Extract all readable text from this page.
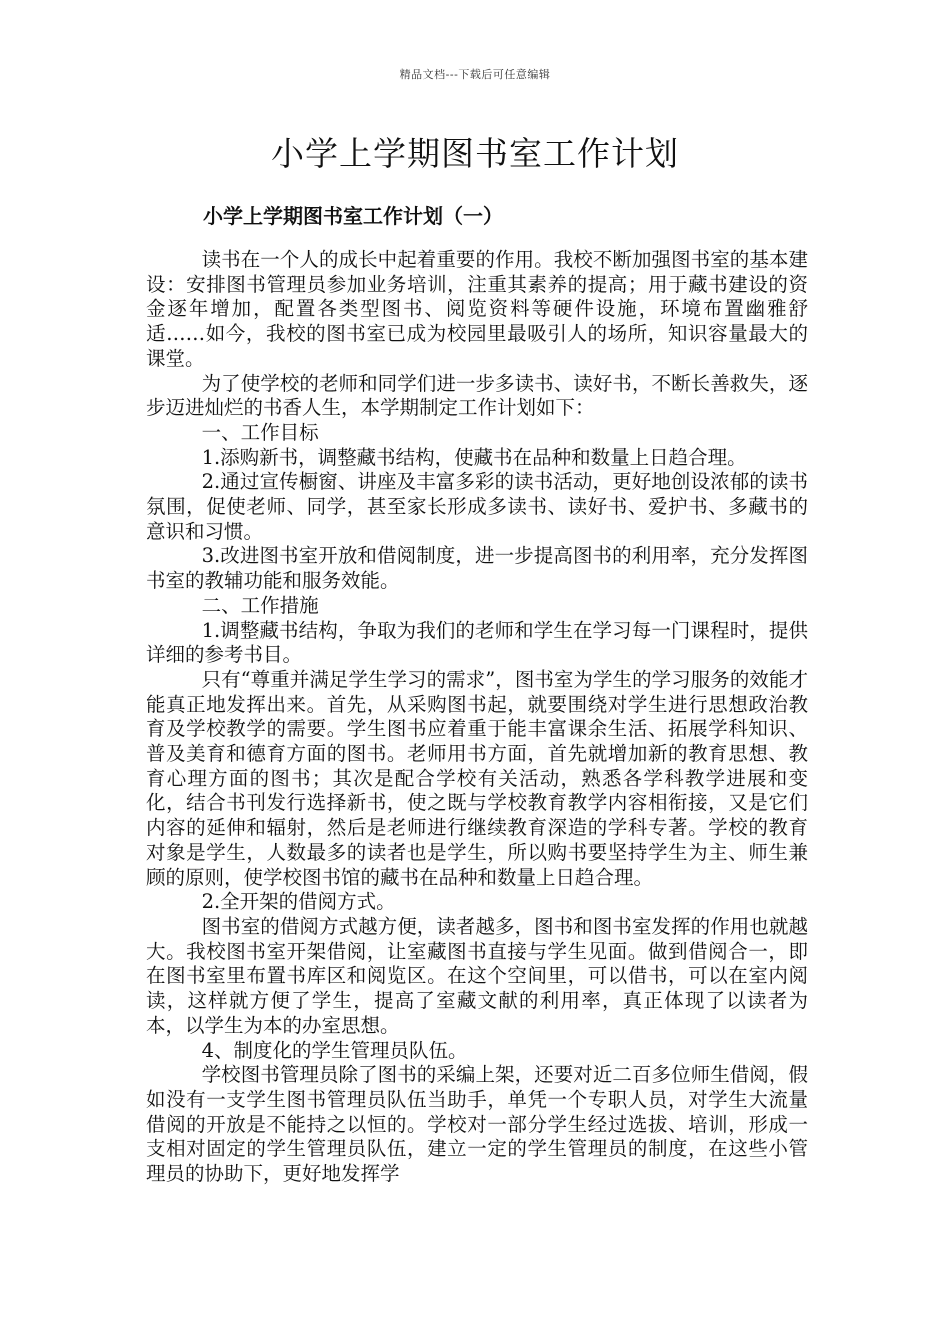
精品文档---下载后可任意编辑
小学上学期图书室工作计划
小学上学期图书室工作计划（一）

读书在一个人的成长中起着重要的作用。我校不断加强图书室的基本建设：安排图书管理员参加业务培训，注重其素养的提高；用于藏书建设的资金逐年增加，配置各类型图书、阅览资料等硬件设施，环境布置幽雅舒适……如今，我校的图书室已成为校园里最吸引人的场所，知识容量最大的课堂。

为了使学校的老师和同学们进一步多读书、读好书，不断长善救失，逐步迈进灿烂的书香人生，本学期制定工作计划如下：

一、工作目标

1.添购新书，调整藏书结构，使藏书在品种和数量上日趋合理。

2.通过宣传橱窗、讲座及丰富多彩的读书活动，更好地创设浓郁的读书氛围，促使老师、同学，甚至家长形成多读书、读好书、爱护书、多藏书的意识和习惯。

3.改进图书室开放和借阅制度，进一步提高图书的利用率，充分发挥图书室的教辅功能和服务效能。

二、工作措施

1.调整藏书结构，争取为我们的老师和学生在学习每一门课程时，提供详细的参考书目。

只有“尊重并满足学生学习的需求”，图书室为学生的学习服务的效能才能真正地发挥出来。首先，从采购图书起，就要围绕对学生进行思想政治教育及学校教学的需要。学生图书应着重于能丰富课余生活、拓展学科知识、普及美育和德育方面的图书。老师用书方面，首先就增加新的教育思想、教育心理方面的图书；其次是配合学校有关活动，熟悉各学科教学进展和变化，结合书刊发行选择新书，使之既与学校教育教学内容相衔接，又是它们内容的延伸和辐射，然后是老师进行继续教育深造的学科专著。学校的教育对象是学生，人数最多的读者也是学生，所以购书要坚持学生为主、师生兼顾的原则，使学校图书馆的藏书在品种和数量上日趋合理。

2.全开架的借阅方式。

图书室的借阅方式越方便，读者越多，图书和图书室发挥的作用也就越大。我校图书室开架借阅，让室藏图书直接与学生见面。做到借阅合一，即在图书室里布置书库区和阅览区。在这个空间里，可以借书，可以在室内阅读，这样就方便了学生，提高了室藏文献的利用率，真正体现了以读者为本，以学生为本的办室思想。

4、制度化的学生管理员队伍。

学校图书管理员除了图书的采编上架，还要对近二百多位师生借阅，假如没有一支学生图书管理员队伍当助手，单凭一个专职人员，对学生大流量借阅的开放是不能持之以恒的。学校对一部分学生经过选拔、培训，形成一支相对固定的学生管理员队伍，建立一定的学生管理员的制度，在这些小管理员的协助下，更好地发挥学
